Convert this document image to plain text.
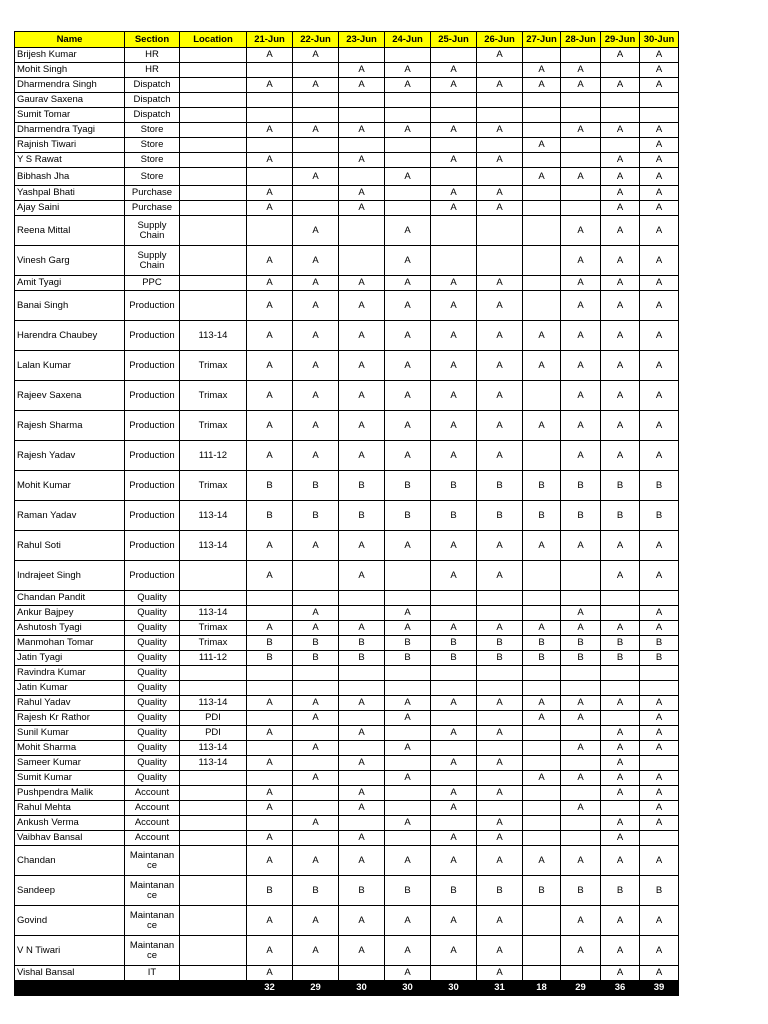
Name	Section	Location	21-Jun	22-Jun	23-Jun	24-Jun	25-Jun	26-Jun	27-Jun	28-Jun	29-Jun	30-Jun
Brijesh Kumar	HR		A	A				A			A	A
Mohit Singh	HR				A	A	A		A	A		A
Dharmendra Singh	Dispatch		A	A	A	A	A	A	A	A	A	A
Gaurav Saxena	Dispatch											
Sumit Tomar	Dispatch											
Dharmendra Tyagi	Store		A	A	A	A	A	A		A	A	A
Rajnish Tiwari	Store								A			A
Y S Rawat	Store		A		A		A	A			A	A
Bibhash Jha	Store			A		A			A	A	A	A
Yashpal Bhati	Purchase		A		A		A	A			A	A
Ajay Saini	Purchase		A		A		A	A			A	A
Reena Mittal	Supply Chain			A		A				A	A	A
Vinesh Garg	Supply Chain		A	A		A				A	A	A
Amit Tyagi	PPC		A	A	A	A	A	A		A	A	A
Banai Singh	Production		A	A	A	A	A	A		A	A	A
Harendra Chaubey	Production	113-14	A	A	A	A	A	A	A	A	A	A
Lalan Kumar	Production	Trimax	A	A	A	A	A	A	A	A	A	A
Rajeev Saxena	Production	Trimax	A	A	A	A	A	A		A	A	A
Rajesh Sharma	Production	Trimax	A	A	A	A	A	A	A	A	A	A
Rajesh Yadav	Production	111-12	A	A	A	A	A	A		A	A	A
Mohit Kumar	Production	Trimax	B	B	B	B	B	B	B	B	B	B
Raman Yadav	Production	113-14	B	B	B	B	B	B	B	B	B	B
Rahul Soti	Production	113-14	A	A	A	A	A	A	A	A	A	A
Indrajeet Singh	Production		A		A		A	A			A	A
Chandan Pandit	Quality											
Ankur Bajpey	Quality	113-14		A		A				A		A
Ashutosh Tyagi	Quality	Trimax	A	A	A	A	A	A	A	A	A	A
Manmohan Tomar	Quality	Trimax	B	B	B	B	B	B	B	B	B	B
Jatin Tyagi	Quality	111-12	B	B	B	B	B	B	B	B	B	B
Ravindra Kumar	Quality											
Jatin Kumar	Quality											
Rahul Yadav	Quality	113-14	A	A	A	A	A	A	A	A	A	A
Rajesh Kr Rathor	Quality	PDI		A		A			A	A		A
Sunil Kumar	Quality	PDI	A		A		A	A			A	A
Mohit Sharma	Quality	113-14		A		A				A	A	A
Sameer Kumar	Quality	113-14	A		A		A	A			A	
Sumit Kumar	Quality			A		A			A	A	A	A
Pushpendra Malik	Account		A		A		A	A			A	A
Rahul Mehta	Account		A		A		A			A		A
Ankush Verma	Account			A		A		A			A	A
Vaibhav Bansal	Account		A		A		A	A			A	
Chandan	Maintanan ce		A	A	A	A	A	A	A	A	A	A
Sandeep	Maintanan ce		B	B	B	B	B	B	B	B	B	B
Govind	Maintanan ce		A	A	A	A	A	A		A	A	A
V N Tiwari	Maintanan ce		A	A	A	A	A	A		A	A	A
Vishal Bansal	IT		A			A		A			A	A
			32	29	30	30	30	31	18	29	36	39
